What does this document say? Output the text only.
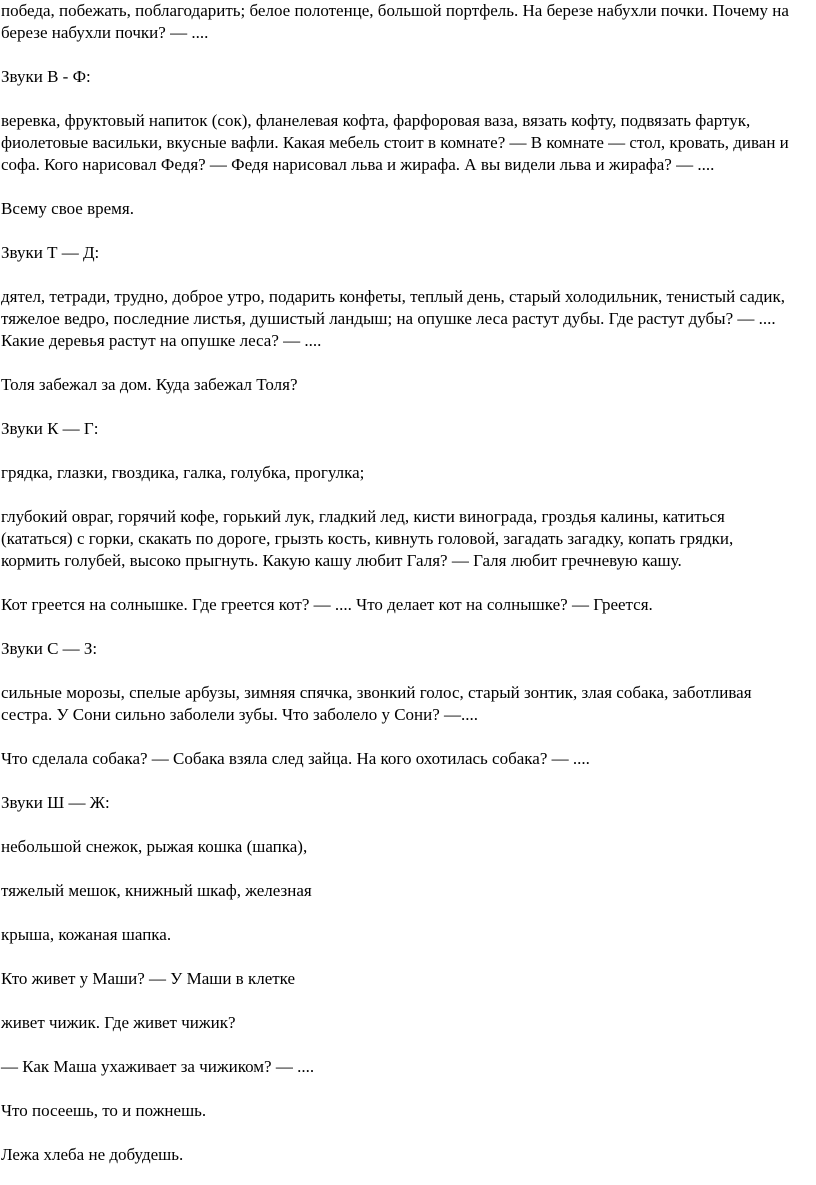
победа, побежать, поблагодарить; белое полотенце, большой портфель. На березе набухли почки. Почему на березе набухли почки? — ....

Звуки В - Ф:

веревка, фруктовый напиток (сок), фланелевая кофта, фарфоровая ваза, вязать кофту, подвязать фартук, фиолетовые васильки, вкусные вафли. Какая мебель стоит в комнате? — В комнате — стол, кровать, диван и софа. Кого нарисовал Федя? — Федя нарисовал льва и жирафа. А вы видели льва и жирафа? — ....

Всему свое время.

Звуки Т — Д:

дятел, тетради, трудно, доброе утро, подарить конфеты, теплый день, старый холодильник, тенистый садик, тяжелое ведро, последние листья, душистый ландыш; на опушке леса растут дубы. Где растут дубы? — .... Какие деревья растут на опушке леса? — ....

Толя забежал за дом. Куда забежал Толя?

Звуки К — Г:

грядка, глазки, гвоздика, галка, голубка, прогулка;

глубокий овраг, горячий кофе, горький лук, гладкий лед, кисти винограда, гроздья калины, катиться (кататься) с горки, скакать по дороге, грызть кость, кивнуть головой, загадать загадку, копать грядки, кормить голубей, высоко прыгнуть. Какую кашу любит Галя? — Галя любит гречневую кашу.

Кот греется на солнышке. Где греется кот? — .... Что делает кот на солнышке? — Греется.

Звуки С — З:

сильные морозы, спелые арбузы, зимняя спячка, звонкий голос, старый зонтик, злая собака, заботливая сестра. У Сони сильно заболели зубы. Что заболело у Сони? —....

Что сделала собака? — Собака взяла след зайца. На кого охотилась собака? — ....

Звуки Ш — Ж:

небольшой снежок, рыжая кошка (шапка),

тяжелый мешок, книжный шкаф, железная

крыша, кожаная шапка.

Кто живет у Маши? — У Маши в клетке

живет чижик. Где живет чижик?

— Как Маша ухаживает за чижиком? — ....

Что посеешь, то и пожнешь.

Лежа хлеба не добудешь.
